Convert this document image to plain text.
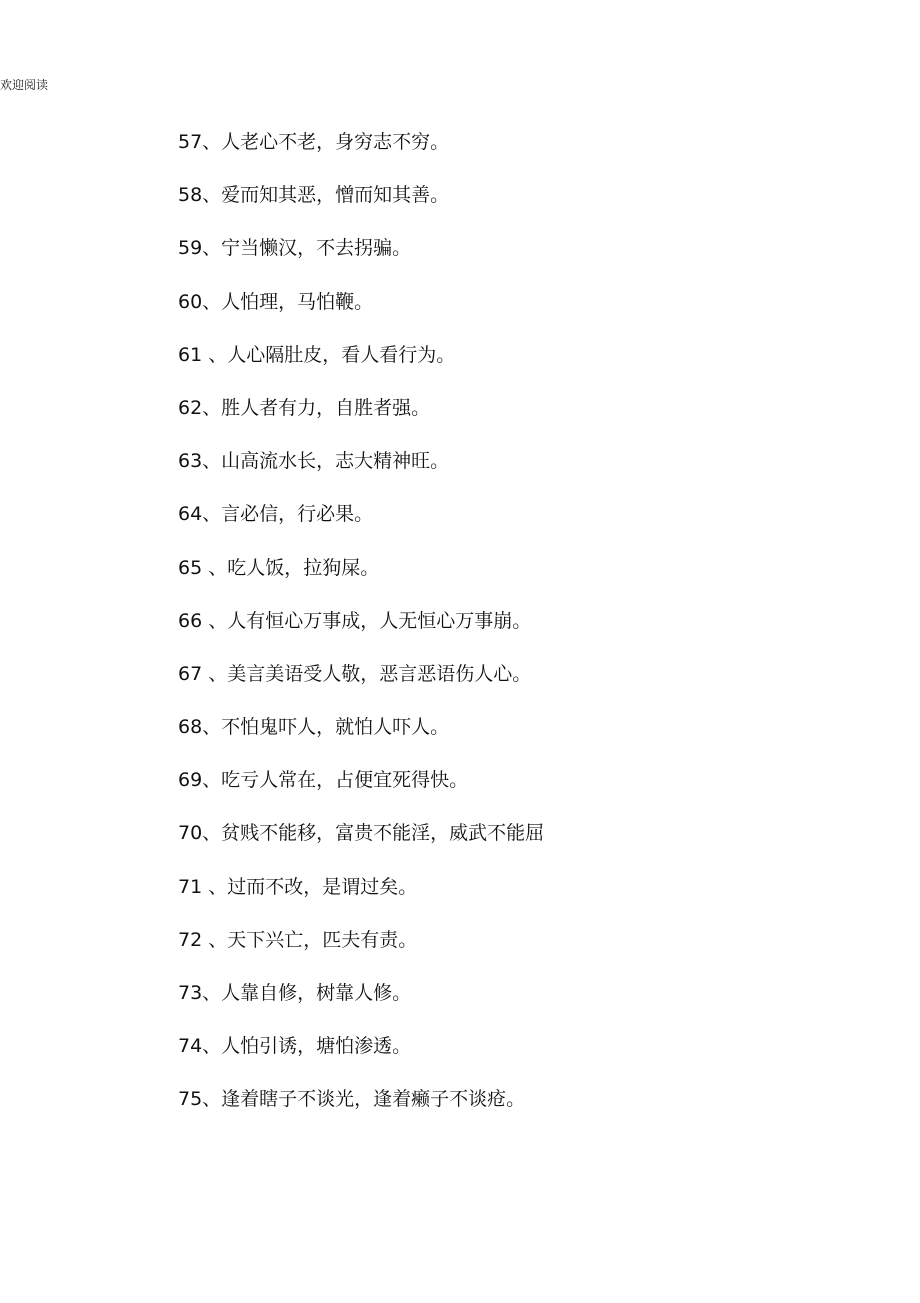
欢迎阅读
57、人老心不老，身穷志不穷。
58、爱而知其恶，憎而知其善。
59、宁当懒汉，不去拐骗。
60、人怕理，马怕鞭。
61 、人心隔肚皮，看人看行为。
62、胜人者有力，自胜者强。
63、山高流水长，志大精神旺。
64、言必信，行必果。
65 、吃人饭，拉狗屎。
66 、人有恒心万事成，人无恒心万事崩。
67 、美言美语受人敬，恶言恶语伤人心。
68、不怕鬼吓人，就怕人吓人。
69、吃亏人常在，占便宜死得快。
70、贫贱不能移，富贵不能淫，威武不能屈
71 、过而不改，是谓过矣。
72 、天下兴亡，匹夫有责。
73、人靠自修，树靠人修。
74、人怕引诱，塘怕渗透。
75、逢着瞎子不谈光，逢着癞子不谈疮。
